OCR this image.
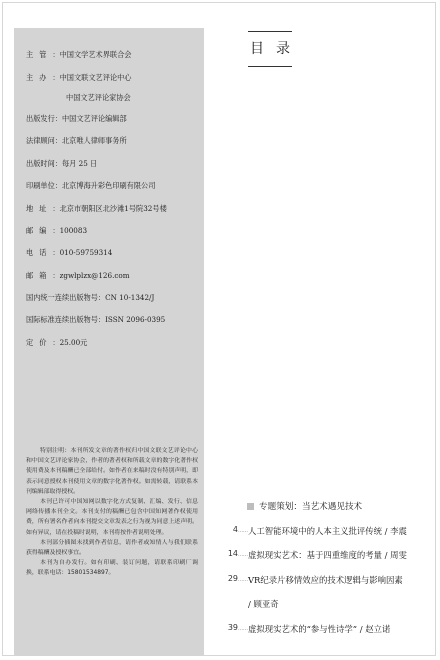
主管 ： 中国文学艺术界联合会
主办 ： 中国文联文艺评论中心
中国文艺评论家协会
出版发行 ： 中国文艺评论编辑部
法律顾问 ： 北京唯人律师事务所
出版时间 ： 每月 25 日
印刷单位 ： 北京博海升彩色印刷有限公司
地址 ： 北京市朝阳区北沙滩1号院32号楼
邮编 ： 100083
电话 ： 010-59759314
邮箱 ： zgwlplzx@126.com
国内统一连续出版物号 ： CN 10-1342/J
国际标准连续出版物号 ： ISSN 2096-0395
定价 ： 25.00元

特别注明：本刊所发文章的著作权归中国文联文艺评论中心和中国文艺评论家协会，作者的著者权和所载文章的数字化著作权使用费及本刊稿酬已全部给付。如作者在来稿时没有特别声明，即表示同意授权本刊使用文章的数字化著作权。如需转载，请联系本刊编辑部取得授权。

本刊已许可中国知网以数字化方式复制、汇编、发行、信息网络传播本刊全文。本刊支付的稿酬已包含中国知网著作权使用费，所有署名作者向本刊提交文章发表之行为视为同意上述声明。如有异议，请在投稿时说明，本刊将按作者说明处理。

本刊部分插图未找到作者信息，请作者或知情人与我们联系获得稿酬及授权事宜。

本刊为自办发行。如有印刷、装订问题，请联系印刷厂调换，联系电话：15801534897。

目录
专题策划：当艺术遇见技术
4 …… 人工智能环境中的人本主义批评传统 / 李震
14 …… 虚拟现实艺术：基于四重维度的考量 / 周雯
29 …… VR纪录片移情效应的技术逻辑与影响因素
/ 顾亚奇
39 …… 虚拟现实艺术的“参与性诗学” / 赵立诺
